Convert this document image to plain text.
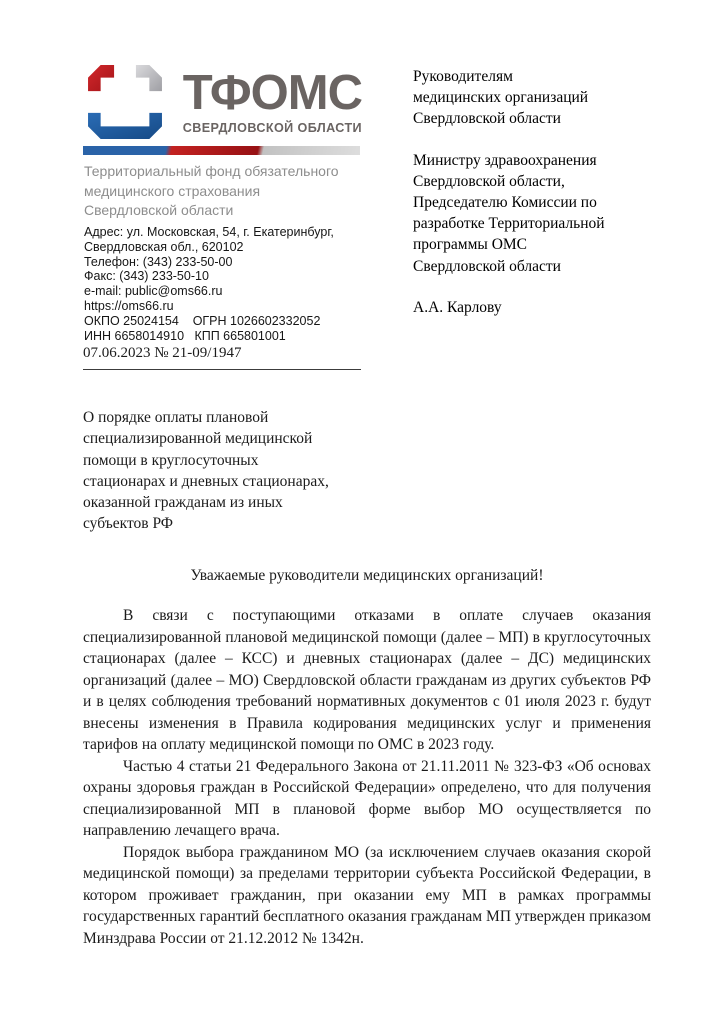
ТФОМС
СВЕРДЛОВСКОЙ ОБЛАСТИ
Территориальный фонд обязательного
медицинского страхования
Свердловской области
Адрес: ул. Московская, 54, г. Екатеринбург,
Свердловская обл., 620102
Телефон: (343) 233-50-00
Факс: (343) 233-50-10
e-mail: public@oms66.ru
https://oms66.ru
ОКПО 25024154    ОГРН 1026602332052
ИНН 6658014910   КПП 665801001
07.06.2023 № 21-09/1947
Руководителям
медицинских организаций
Свердловской области
Министру здравоохранения
Свердловской области,
Председателю Комиссии по
разработке Территориальной
программы ОМС
Свердловской области
А.А. Карлову
О порядке оплаты плановой
специализированной медицинской
помощи в круглосуточных
стационарах и дневных стационарах,
оказанной гражданам из иных
субъектов РФ
Уважаемые руководители медицинских организаций!

В связи с поступающими отказами в оплате случаев оказания специализированной плановой медицинской помощи (далее – МП) в круглосуточных стационарах (далее – КСС) и дневных стационарах (далее – ДС) медицинских организаций (далее – МО) Свердловской области гражданам из других субъектов РФ и в целях соблюдения требований нормативных документов с 01 июля 2023 г. будут внесены изменения в Правила кодирования медицинских услуг и применения тарифов на оплату медицинской помощи по ОМС в 2023 году.

Частью 4 статьи 21 Федерального Закона от 21.11.2011 № 323-ФЗ «Об основах охраны здоровья граждан в Российской Федерации» определено, что для получения специализированной МП в плановой форме выбор МО осуществляется по направлению лечащего врача.

Порядок выбора гражданином МО (за исключением случаев оказания скорой медицинской помощи) за пределами территории субъекта Российской Федерации, в котором проживает гражданин, при оказании ему МП в рамках программы государственных гарантий бесплатного оказания гражданам МП утвержден приказом Минздрава России от 21.12.2012 № 1342н.
